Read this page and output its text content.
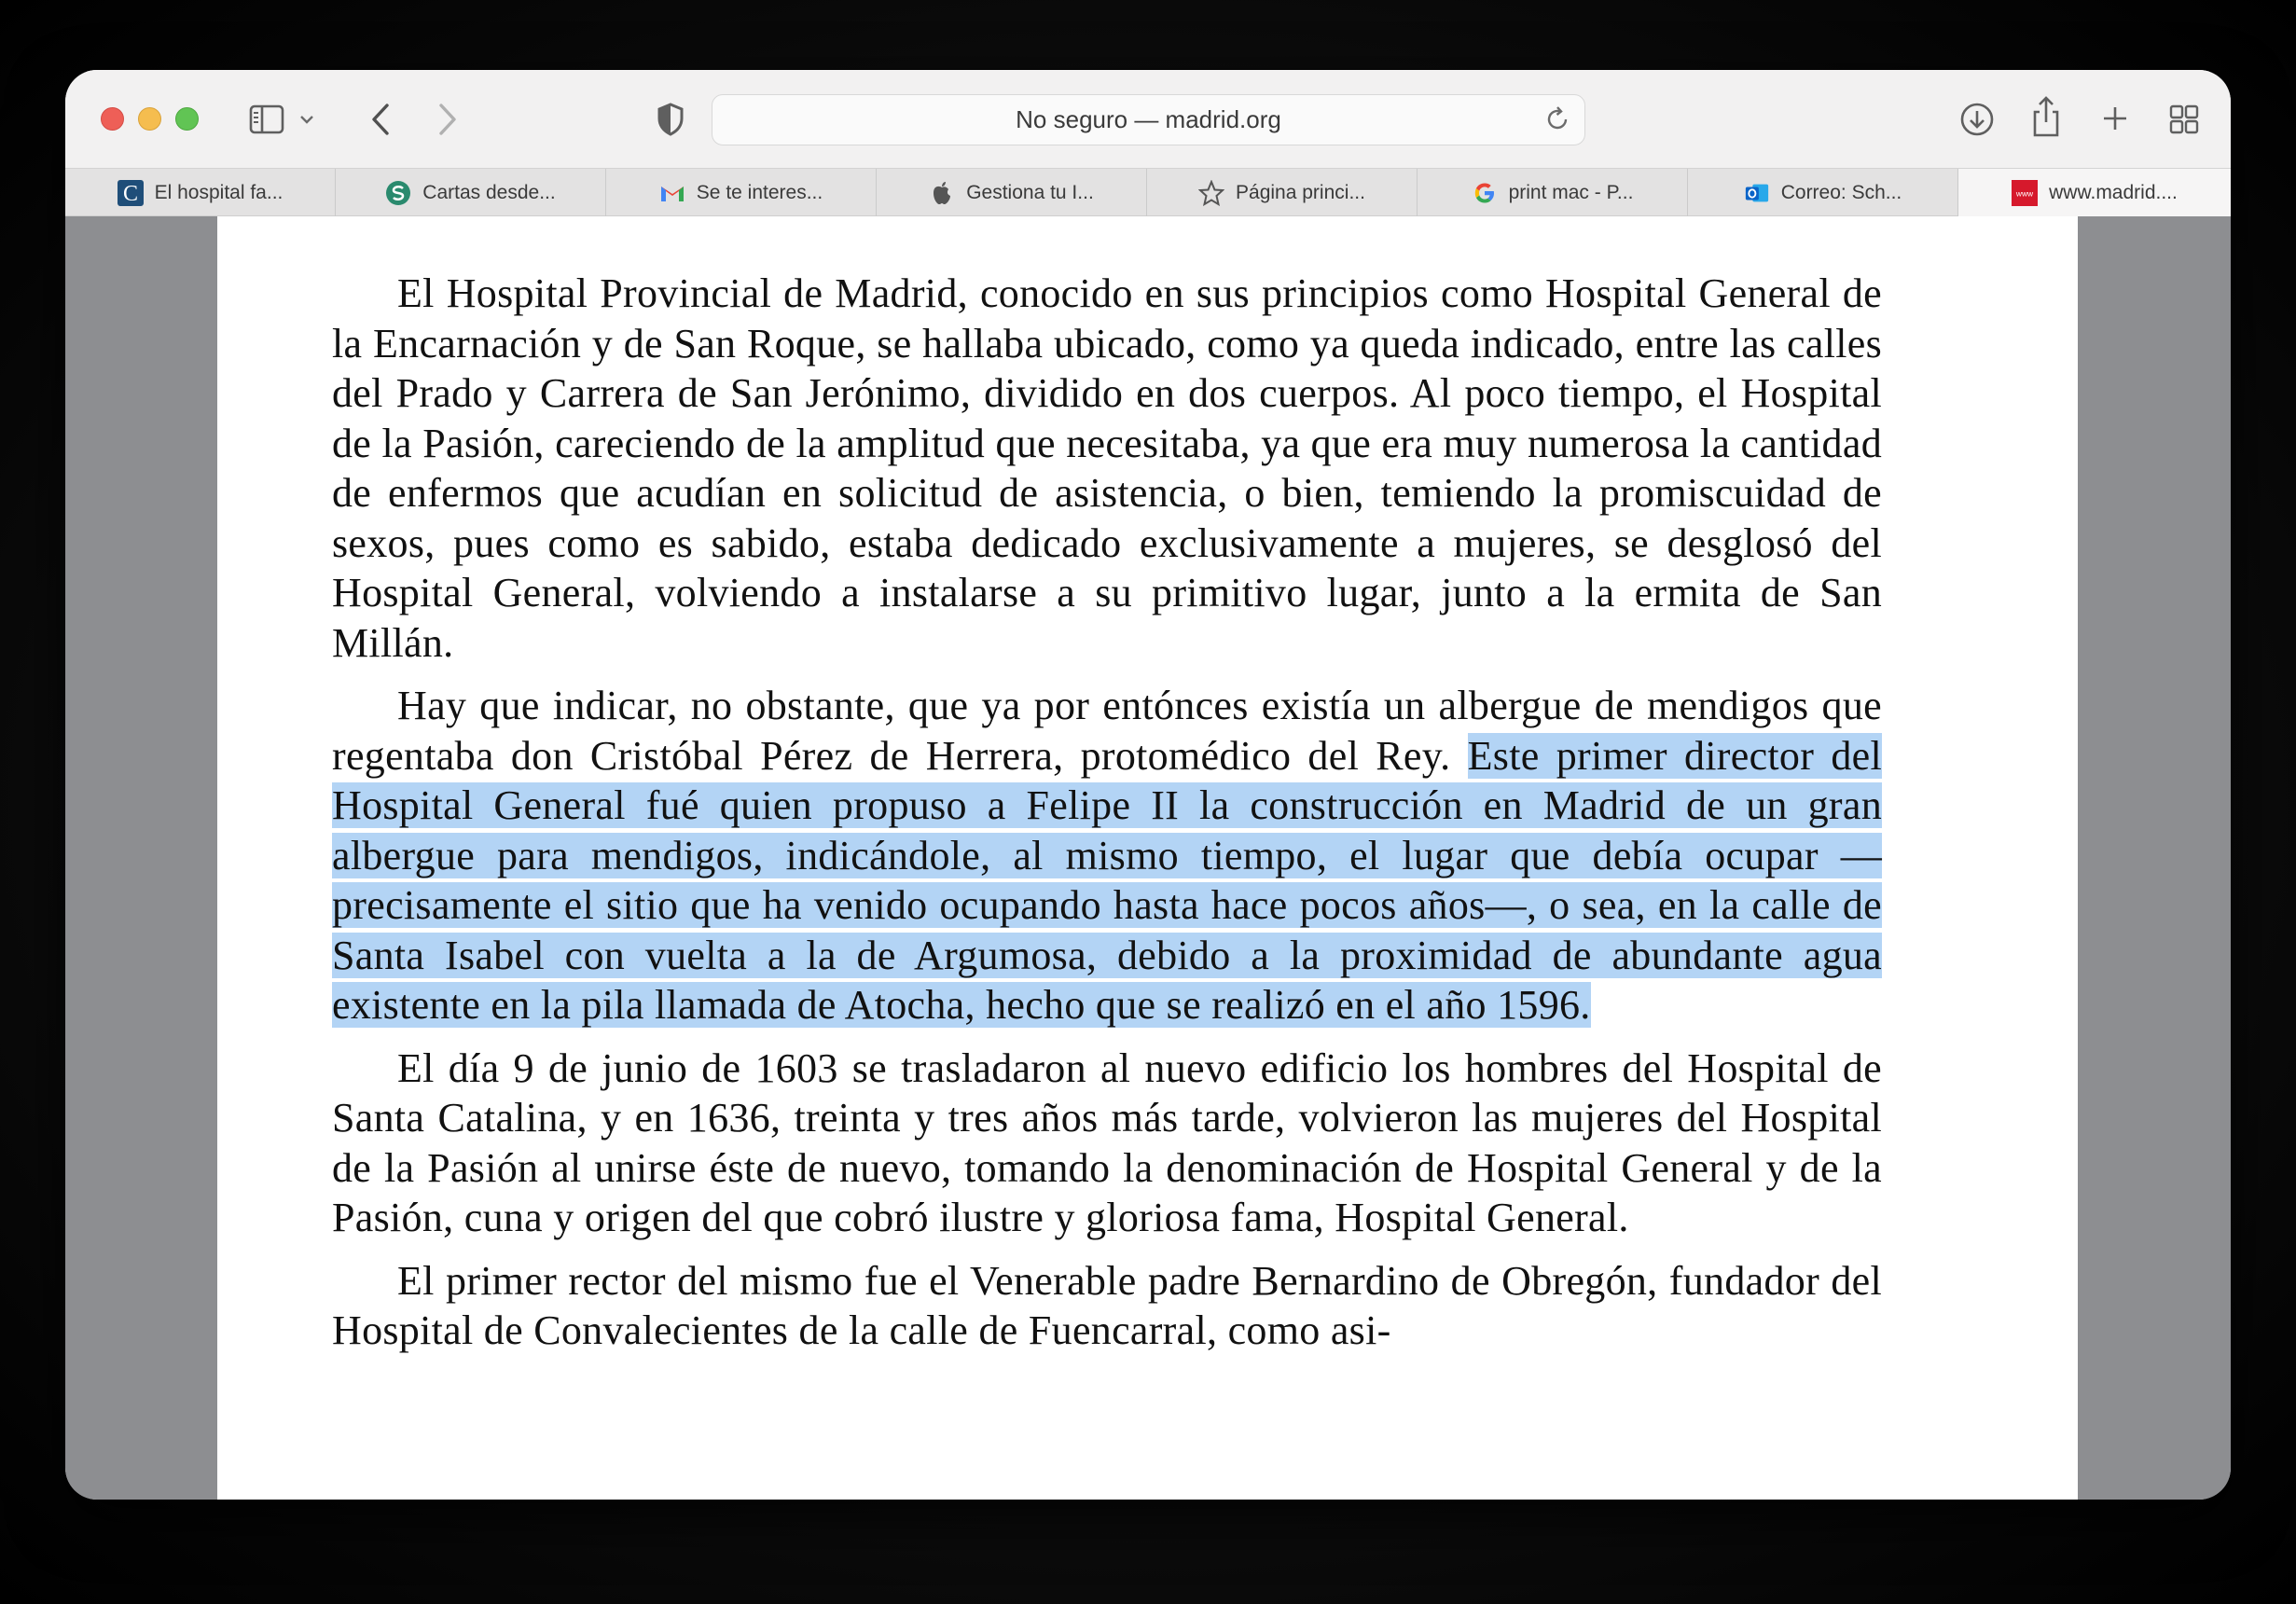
No seguro — madrid.org
C El hospital fa...	Cartas desde...	Se te interes...	Gestiona tu I...	Página princi...	print mac - P...	Correo: Sch...	www www.madrid....

El Hospital Provincial de Madrid, conocido en sus principios como Hospital General de la Encarnación y de San Roque, se hallaba ubicado, como ya queda indicado, entre las calles del Prado y Carrera de San Jerónimo, dividido en dos cuerpos. Al poco tiempo, el Hospital de la Pasión, careciendo de la amplitud que necesitaba, ya que era muy numerosa la cantidad de enfermos que acudían en solicitud de asistencia, o bien, temiendo la promiscuidad de sexos, pues como es sabido, estaba dedicado exclusivamente a mujeres, se desglosó del Hospital General, volviendo a instalarse a su primitivo lugar, junto a la ermita de San Millán.

Hay que indicar, no obstante, que ya por entónces existía un albergue de mendigos que regentaba don Cristóbal Pérez de Herrera, protomédico del Rey. Este primer director del Hospital General fué quien propuso a Felipe II la construcción en Madrid de un gran albergue para mendigos, indicándole, al mismo tiempo, el lugar que debía ocupar —precisamente el sitio que ha venido ocupando hasta hace pocos años—, o sea, en la calle de Santa Isabel con vuelta a la de Argumosa, debido a la proximidad de abundante agua existente en la pila llamada de Atocha, hecho que se realizó en el año 1596.

El día 9 de junio de 1603 se trasladaron al nuevo edificio los hombres del Hospital de Santa Catalina, y en 1636, treinta y tres años más tarde, volvieron las mujeres del Hospital de la Pasión al unirse éste de nuevo, tomando la denominación de Hospital General y de la Pasión, cuna y origen del que cobró ilustre y gloriosa fama, Hospital General.

El primer rector del mismo fue el Venerable padre Bernardino de Obregón, fundador del Hospital de Convalecientes de la calle de Fuencarral, como asi-
